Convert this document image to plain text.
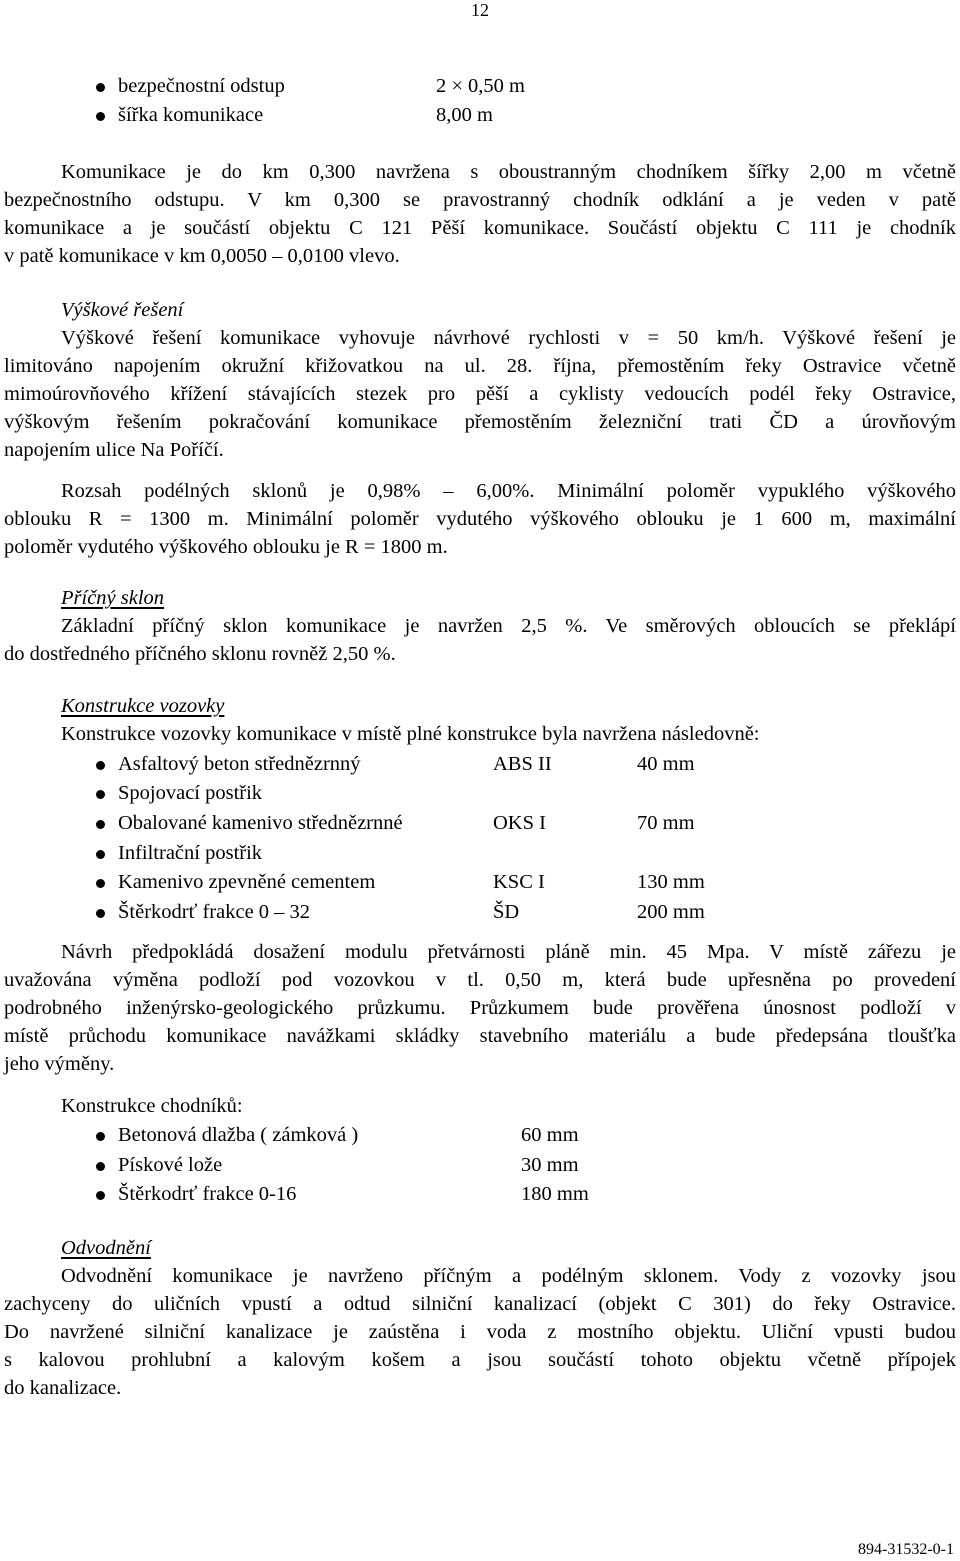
12
bezpečnostní odstup	2 × 0,50 m
šířka komunikace	8,00 m
Komunikace je do km 0,300 navržena s oboustranným chodníkem šířky 2,00 m včetně
bezpečnostního odstupu. V km 0,300 se pravostranný chodník odklání a je veden v patě
komunikace a je součástí objektu C 121 Pěší komunikace. Součástí objektu C 111 je chodník
v patě komunikace v km 0,0050 – 0,0100 vlevo.
Výškové řešení
Výškové řešení komunikace vyhovuje návrhové rychlosti v = 50 km/h. Výškové řešení je
limitováno napojením okružní křižovatkou na ul. 28. října, přemostěním řeky Ostravice včetně
mimoúrovňového křížení stávajících stezek pro pěší a cyklisty vedoucích podél řeky Ostravice,
výškovým řešením pokračování komunikace přemostěním železniční trati ČD a úrovňovým
napojením ulice Na Poříčí.
Rozsah podélných sklonů je 0,98% – 6,00%. Minimální poloměr vypuklého výškového
oblouku R = 1300 m. Minimální poloměr vydutého výškového oblouku je 1 600 m, maximální
poloměr vydutého výškového oblouku je R = 1800 m.
Příčný sklon
Základní příčný sklon komunikace je navržen 2,5 %. Ve směrových obloucích se překlápí
do dostředného příčného sklonu rovněž 2,50 %.
Konstrukce vozovky
Konstrukce vozovky komunikace v místě plné konstrukce byla navržena následovně:
Asfaltový beton střednězrnný	ABS II	40 mm
Spojovací postřik
Obalované kamenivo střednězrnné	OKS I	70 mm
Infiltrační postřik
Kamenivo zpevněné cementem	KSC I	130 mm
Štěrkodrť frakce 0 – 32	ŠD	200 mm
Návrh předpokládá dosažení modulu přetvárnosti pláně min. 45 Mpa. V místě zářezu je
uvažována výměna podloží pod vozovkou v tl. 0,50 m, která bude upřesněna po provedení
podrobného inženýrsko-geologického průzkumu. Průzkumem bude prověřena únosnost podloží v
místě průchodu komunikace navážkami skládky stavebního materiálu a bude předepsána tloušťka
jeho výměny.
Konstrukce chodníků:
Betonová dlažba ( zámková )	60 mm
Pískové lože	30 mm
Štěrkodrť frakce 0-16	180 mm
Odvodnění
Odvodnění komunikace je navrženo příčným a podélným sklonem. Vody z vozovky jsou
zachyceny do uličních vpustí a odtud silniční kanalizací (objekt C 301) do řeky Ostravice.
Do navržené silniční kanalizace je zaústěna i voda z mostního objektu. Uliční vpusti budou
s kalovou prohlubní a kalovým košem a jsou součástí tohoto objektu včetně přípojek
do kanalizace.
894-31532-0-1
